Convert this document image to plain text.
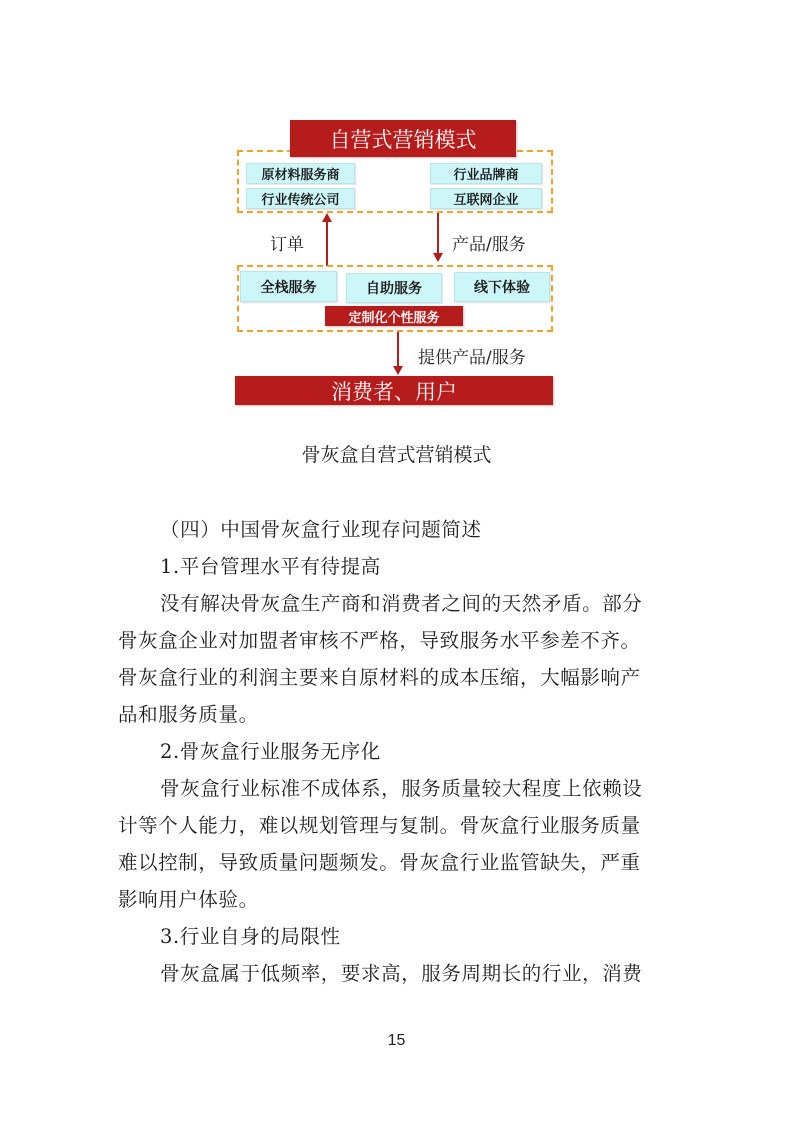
自营式营销模式
原材料服务商
行业传统公司
行业品牌商
互联网企业
订单	产品/服务
全栈服务	自助服务	线下体验
定制化个性服务
提供产品/服务
消费者、用户
骨灰盒自营式营销模式
（四）中国骨灰盒行业现存问题简述
1.平台管理水平有待提高
没有解决骨灰盒生产商和消费者之间的天然矛盾。部分
骨灰盒企业对加盟者审核不严格，导致服务水平参差不齐。
骨灰盒行业的利润主要来自原材料的成本压缩，大幅影响产
品和服务质量。
2.骨灰盒行业服务无序化
骨灰盒行业标准不成体系，服务质量较大程度上依赖设
计等个人能力，难以规划管理与复制。骨灰盒行业服务质量
难以控制，导致质量问题频发。骨灰盒行业监管缺失，严重
影响用户体验。
3.行业自身的局限性
骨灰盒属于低频率，要求高，服务周期长的行业，消费
15
